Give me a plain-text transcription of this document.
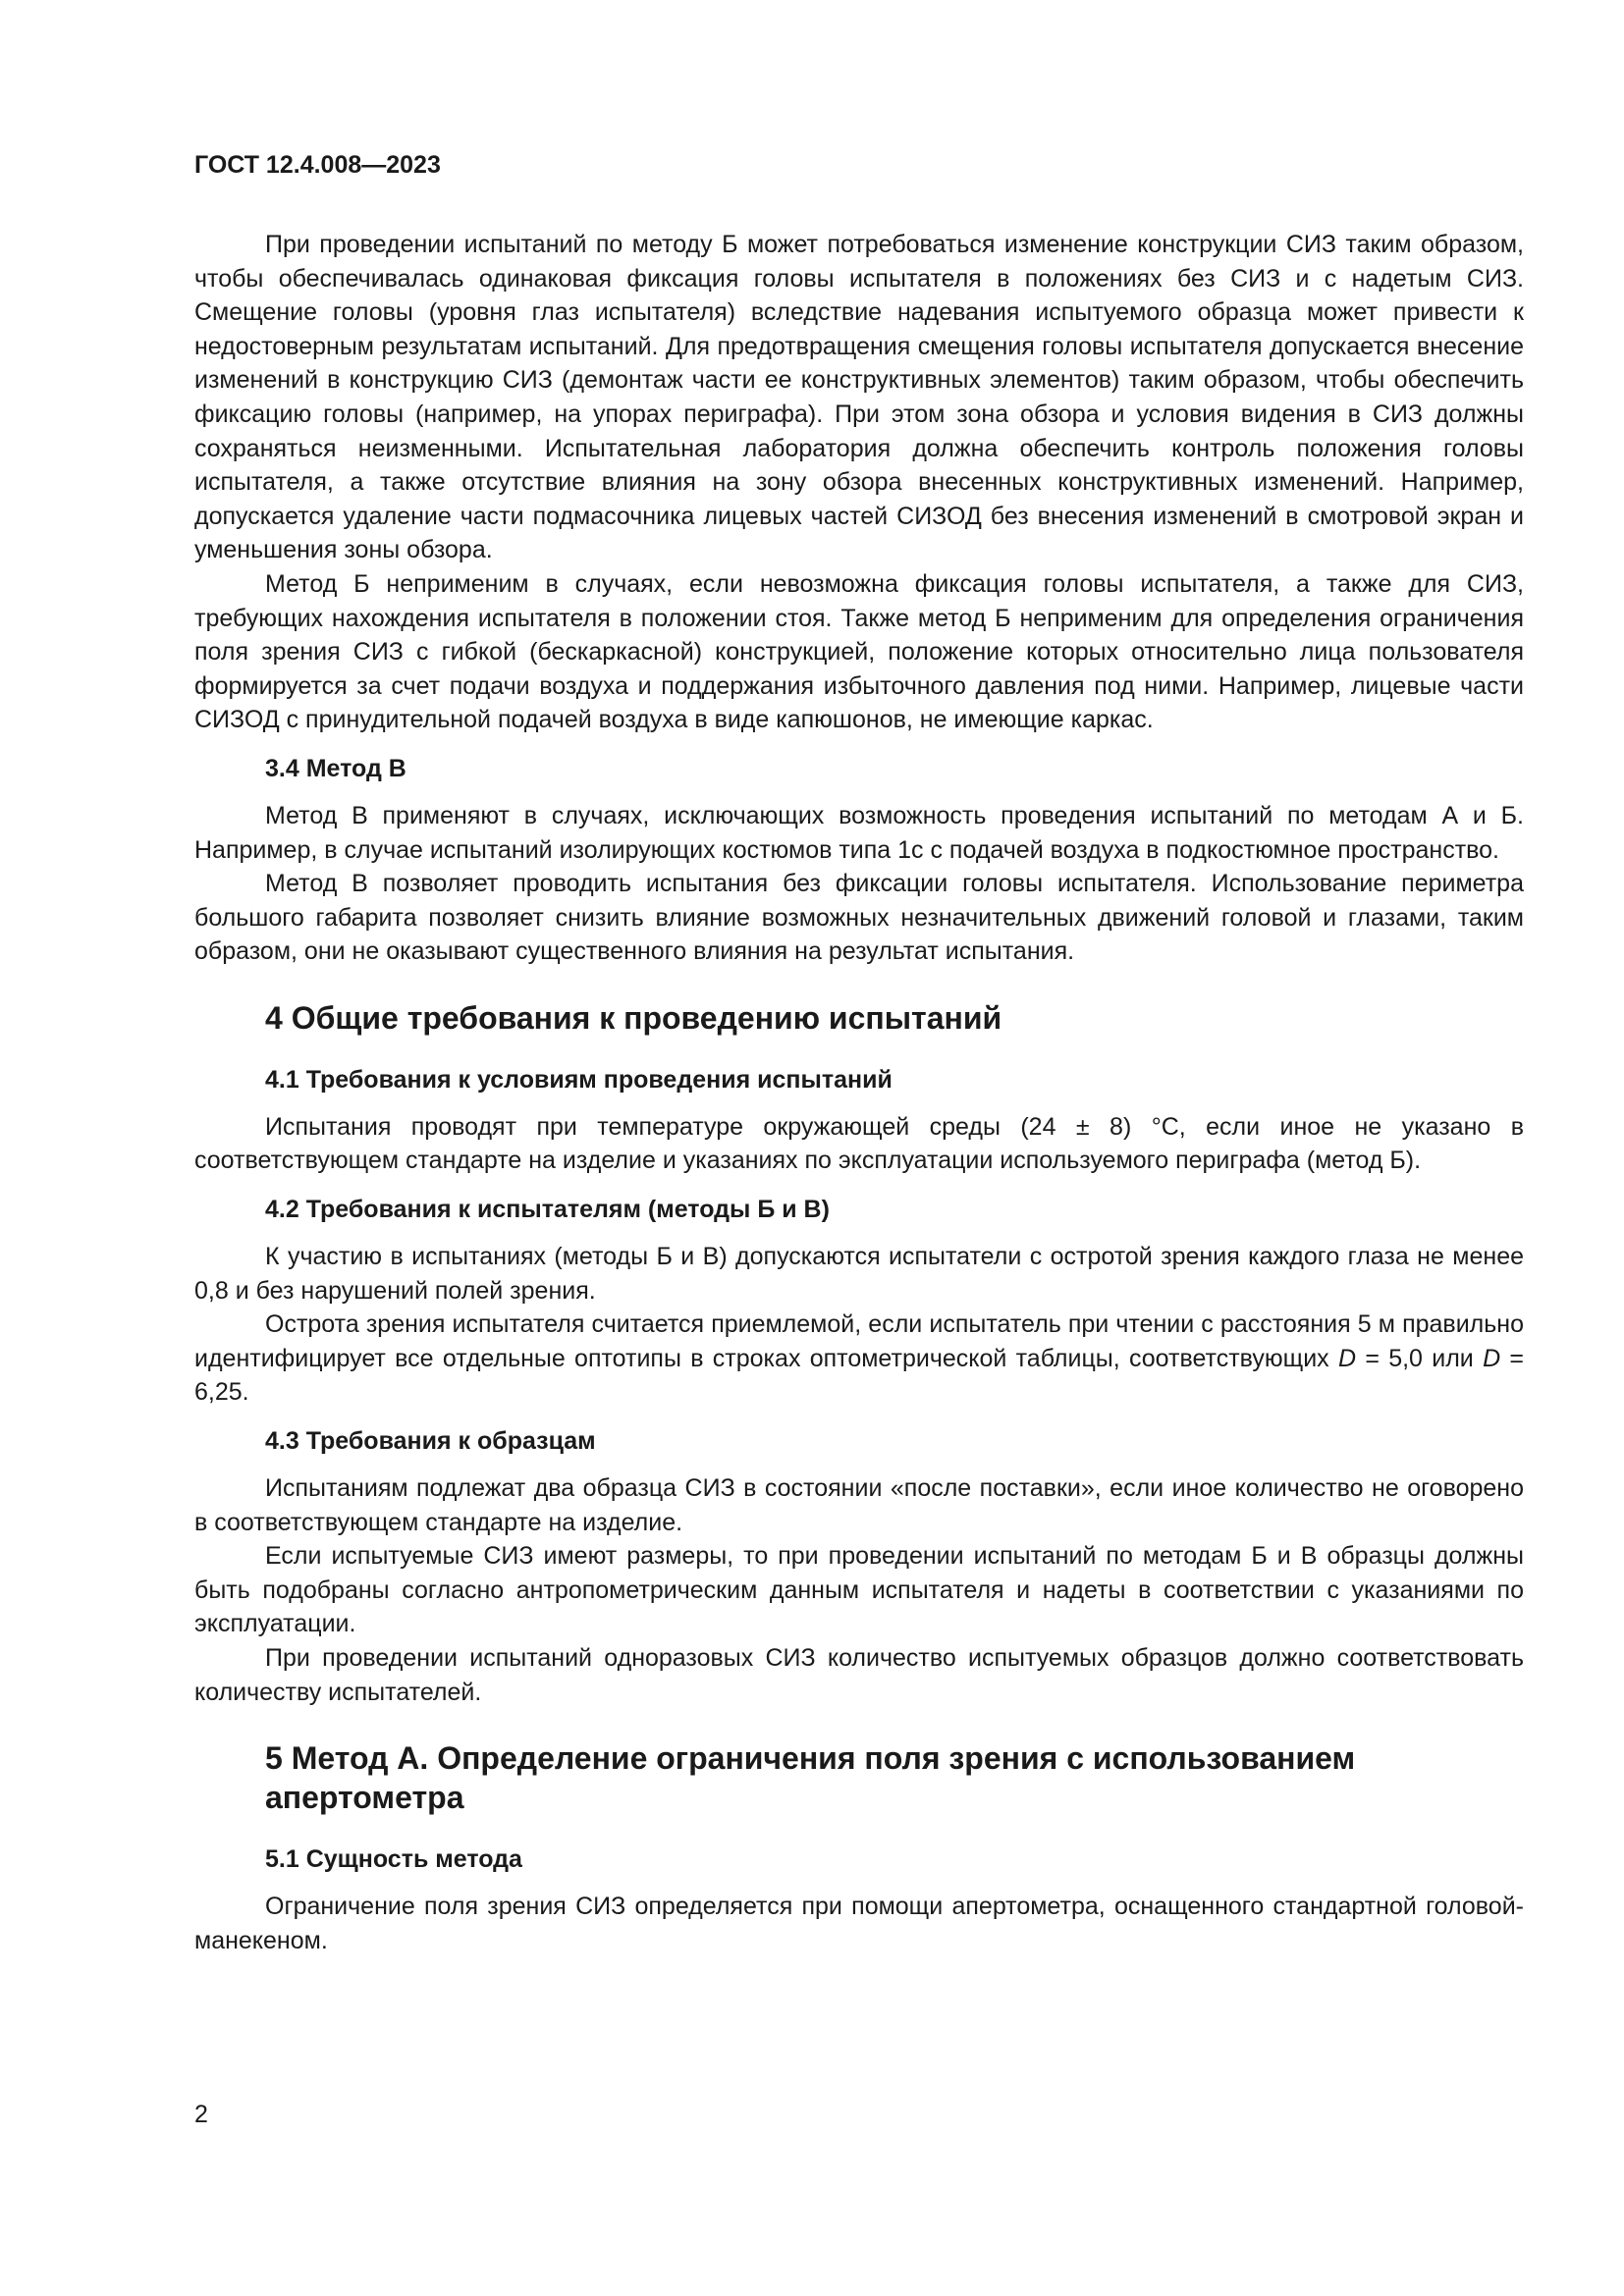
ГОСТ 12.4.008—2023

При проведении испытаний по методу Б может потребоваться изменение конструкции СИЗ таким образом, чтобы обеспечивалась одинаковая фиксация головы испытателя в положениях без СИЗ и с надетым СИЗ. Смещение головы (уровня глаз испытателя) вследствие надевания испытуемого образца может привести к недостоверным результатам испытаний. Для предотвращения смещения головы испытателя допускается внесение изменений в конструкцию СИЗ (демонтаж части ее конструктивных элементов) таким образом, чтобы обеспечить фиксацию головы (например, на упорах периграфа). При этом зона обзора и условия видения в СИЗ должны сохраняться неизменными. Испытательная лаборатория должна обеспечить контроль положения головы испытателя, а также отсутствие влияния на зону обзора внесенных конструктивных изменений. Например, допускается удаление части подмасочника лицевых частей СИЗОД без внесения изменений в смотровой экран и уменьшения зоны обзора.

Метод Б неприменим в случаях, если невозможна фиксация головы испытателя, а также для СИЗ, требующих нахождения испытателя в положении стоя. Также метод Б неприменим для определения ограничения поля зрения СИЗ с гибкой (бескаркасной) конструкцией, положение которых относительно лица пользователя формируется за счет подачи воздуха и поддержания избыточного давления под ними. Например, лицевые части СИЗОД с принудительной подачей воздуха в виде капюшонов, не имеющие каркас.

3.4 Метод В

Метод В применяют в случаях, исключающих возможность проведения испытаний по методам А и Б. Например, в случае испытаний изолирующих костюмов типа 1с с подачей воздуха в подкостюмное пространство.

Метод В позволяет проводить испытания без фиксации головы испытателя. Использование периметра большого габарита позволяет снизить влияние возможных незначительных движений головой и глазами, таким образом, они не оказывают существенного влияния на результат испытания.

4 Общие требования к проведению испытаний
4.1 Требования к условиям проведения испытаний

Испытания проводят при температуре окружающей среды (24 ± 8) °С, если иное не указано в соответствующем стандарте на изделие и указаниях по эксплуатации используемого периграфа (метод Б).

4.2 Требования к испытателям (методы Б и В)

К участию в испытаниях (методы Б и В) допускаются испытатели с остротой зрения каждого глаза не менее 0,8 и без нарушений полей зрения.

Острота зрения испытателя считается приемлемой, если испытатель при чтении с расстояния 5 м правильно идентифицирует все отдельные оптотипы в строках оптометрической таблицы, соответствующих D = 5,0 или D = 6,25.

4.3 Требования к образцам

Испытаниям подлежат два образца СИЗ в состоянии «после поставки», если иное количество не оговорено в соответствующем стандарте на изделие.

Если испытуемые СИЗ имеют размеры, то при проведении испытаний по методам Б и В образцы должны быть подобраны согласно антропометрическим данным испытателя и надеты в соответствии с указаниями по эксплуатации.

При проведении испытаний одноразовых СИЗ количество испытуемых образцов должно соответствовать количеству испытателей.

5 Метод А. Определение ограничения поля зрения с использованием апертометра
5.1 Сущность метода

Ограничение поля зрения СИЗ определяется при помощи апертометра, оснащенного стандартной головой-манекеном.

2
